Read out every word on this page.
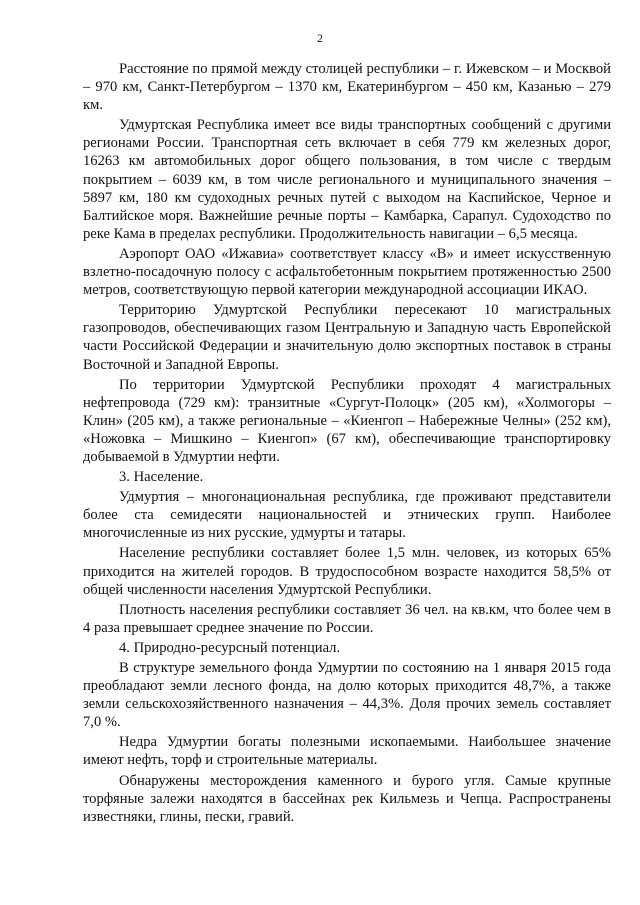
2

Расстояние по прямой между столицей республики – г. Ижевском – и Москвой – 970 км, Санкт-Петербургом – 1370 км, Екатеринбургом – 450 км, Казанью – 279 км.

Удмуртская Республика имеет все виды транспортных сообщений с другими регионами России. Транспортная сеть включает в себя 779 км железных дорог, 16263 км автомобильных дорог общего пользования, в том числе с твердым покрытием – 6039 км, в том числе регионального и муниципального значения – 5897 км, 180 км судоходных речных путей с выходом на Каспийское, Черное и Балтийское моря. Важнейшие речные порты – Камбарка, Сарапул. Судоходство по реке Кама в пределах республики. Продолжительность навигации – 6,5 месяца.

Аэропорт ОАО «Ижавиа» соответствует классу «В» и имеет искусственную взлетно-посадочную полосу с асфальтобетонным покрытием протяженностью 2500 метров, соответствующую первой категории международной ассоциации ИКАО.

Территорию Удмуртской Республики пересекают 10 магистральных газопроводов, обеспечивающих газом Центральную и Западную часть Европейской части Российской Федерации и значительную долю экспортных поставок в страны Восточной и Западной Европы.

По территории Удмуртской Республики проходят 4 магистральных нефтепровода (729 км): транзитные «Сургут-Полоцк» (205 км), «Холмогоры – Клин» (205 км), а также региональные – «Киенгоп – Набережные Челны» (252 км), «Ножовка – Мишкино – Киенгоп» (67 км), обеспечивающие транспортировку добываемой в Удмуртии нефти.

3. Население.

Удмуртия – многонациональная республика, где проживают представители более ста семидесяти национальностей и этнических групп. Наиболее многочисленные из них русские, удмурты и татары.

Население республики составляет более 1,5 млн. человек, из которых 65% приходится на жителей городов. В трудоспособном возрасте находится 58,5% от общей численности населения Удмуртской Республики.

Плотность населения республики составляет 36 чел. на кв.км, что более чем в 4 раза превышает среднее значение по России.

4. Природно-ресурсный потенциал.

В структуре земельного фонда Удмуртии по состоянию на 1 января 2015 года преобладают земли лесного фонда, на долю которых приходится 48,7%, а также земли сельскохозяйственного назначения – 44,3%. Доля прочих земель составляет 7,0 %.

Недра Удмуртии богаты полезными ископаемыми. Наибольшее значение имеют нефть, торф и строительные материалы.

Обнаружены месторождения каменного и бурого угля. Самые крупные торфяные залежи находятся в бассейнах рек Кильмезь и Чепца. Распространены известняки, глины, пески, гравий.
